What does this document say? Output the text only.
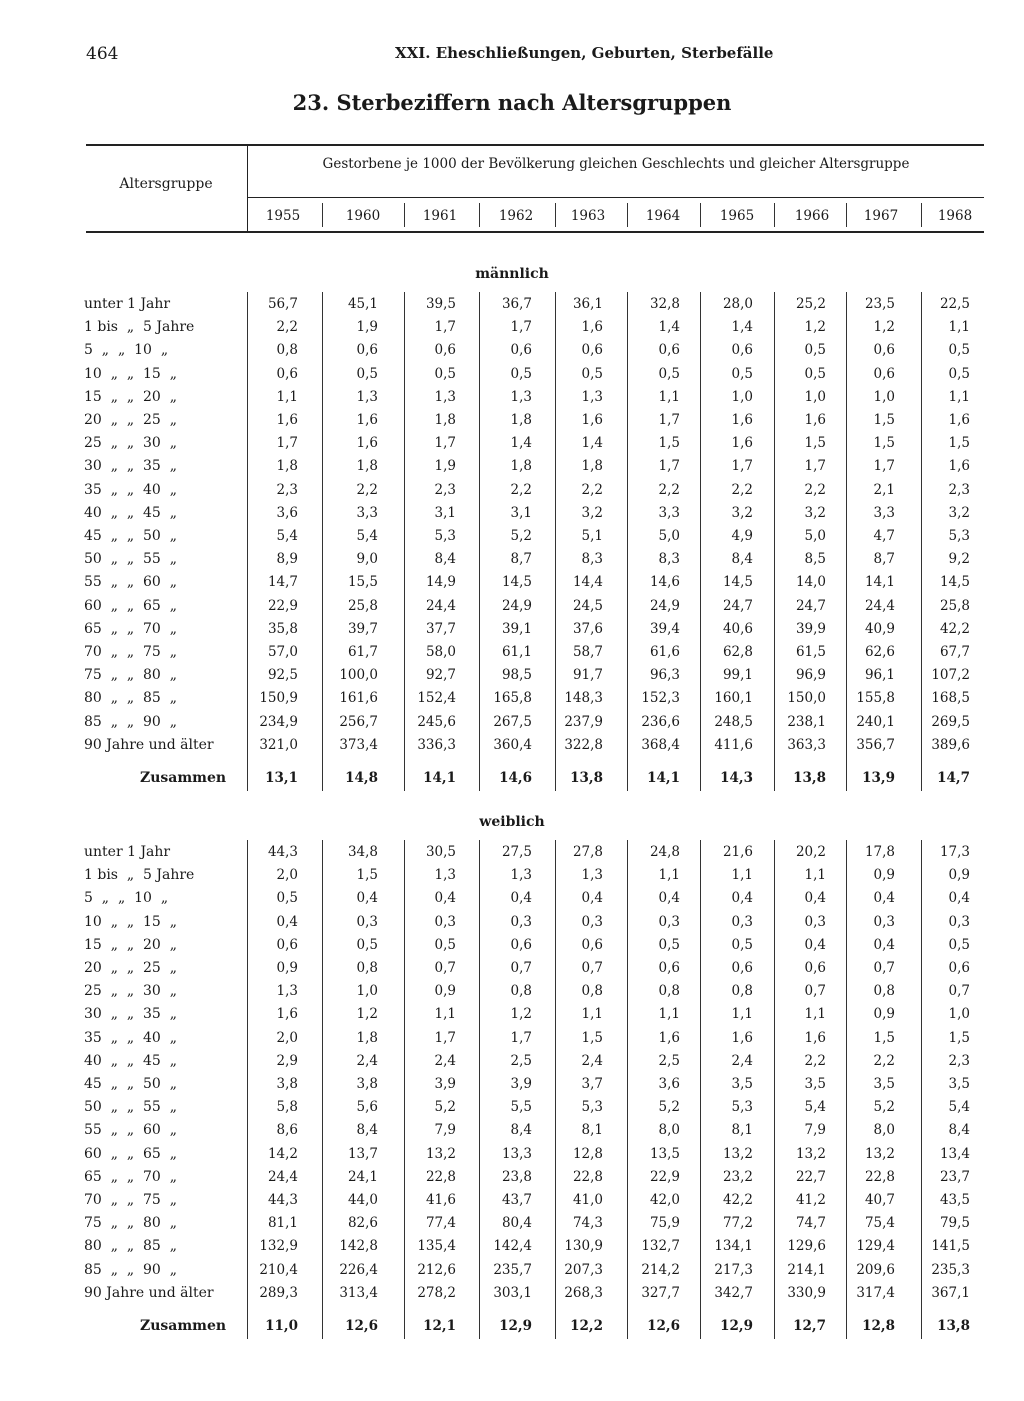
464	XXI. Eheschließungen, Geburten, Sterbefälle
23. Sterbeziffern nach Altersgruppen
Altersgruppe
Gestorbene je 1000 der Bevölkerung gleichen Geschlechts und gleicher Altersgruppe
1955	1960	1961	1962	1963	1964	1965	1966	1967	1968
männlich
unter 1 Jahr	56,7	45,1	39,5	36,7	36,1	32,8	28,0	25,2	23,5	22,5
1 bis  „  5 Jahre	2,2	1,9	1,7	1,7	1,6	1,4	1,4	1,2	1,2	1,1
5  „  „  10  „	0,8	0,6	0,6	0,6	0,6	0,6	0,6	0,5	0,6	0,5
10  „  „  15  „	0,6	0,5	0,5	0,5	0,5	0,5	0,5	0,5	0,6	0,5
15  „  „  20  „	1,1	1,3	1,3	1,3	1,3	1,1	1,0	1,0	1,0	1,1
20  „  „  25  „	1,6	1,6	1,8	1,8	1,6	1,7	1,6	1,6	1,5	1,6
25  „  „  30  „	1,7	1,6	1,7	1,4	1,4	1,5	1,6	1,5	1,5	1,5
30  „  „  35  „	1,8	1,8	1,9	1,8	1,8	1,7	1,7	1,7	1,7	1,6
35  „  „  40  „	2,3	2,2	2,3	2,2	2,2	2,2	2,2	2,2	2,1	2,3
40  „  „  45  „	3,6	3,3	3,1	3,1	3,2	3,3	3,2	3,2	3,3	3,2
45  „  „  50  „	5,4	5,4	5,3	5,2	5,1	5,0	4,9	5,0	4,7	5,3
50  „  „  55  „	8,9	9,0	8,4	8,7	8,3	8,3	8,4	8,5	8,7	9,2
55  „  „  60  „	14,7	15,5	14,9	14,5	14,4	14,6	14,5	14,0	14,1	14,5
60  „  „  65  „	22,9	25,8	24,4	24,9	24,5	24,9	24,7	24,7	24,4	25,8
65  „  „  70  „	35,8	39,7	37,7	39,1	37,6	39,4	40,6	39,9	40,9	42,2
70  „  „  75  „	57,0	61,7	58,0	61,1	58,7	61,6	62,8	61,5	62,6	67,7
75  „  „  80  „	92,5	100,0	92,7	98,5	91,7	96,3	99,1	96,9	96,1	107,2
80  „  „  85  „	150,9	161,6	152,4	165,8	148,3	152,3	160,1	150,0	155,8	168,5
85  „  „  90  „	234,9	256,7	245,6	267,5	237,9	236,6	248,5	238,1	240,1	269,5
90 Jahre und älter	321,0	373,4	336,3	360,4	322,8	368,4	411,6	363,3	356,7	389,6
Zusammen	13,1	14,8	14,1	14,6	13,8	14,1	14,3	13,8	13,9	14,7
weiblich
unter 1 Jahr	44,3	34,8	30,5	27,5	27,8	24,8	21,6	20,2	17,8	17,3
1 bis  „  5 Jahre	2,0	1,5	1,3	1,3	1,3	1,1	1,1	1,1	0,9	0,9
5  „  „  10  „	0,5	0,4	0,4	0,4	0,4	0,4	0,4	0,4	0,4	0,4
10  „  „  15  „	0,4	0,3	0,3	0,3	0,3	0,3	0,3	0,3	0,3	0,3
15  „  „  20  „	0,6	0,5	0,5	0,6	0,6	0,5	0,5	0,4	0,4	0,5
20  „  „  25  „	0,9	0,8	0,7	0,7	0,7	0,6	0,6	0,6	0,7	0,6
25  „  „  30  „	1,3	1,0	0,9	0,8	0,8	0,8	0,8	0,7	0,8	0,7
30  „  „  35  „	1,6	1,2	1,1	1,2	1,1	1,1	1,1	1,1	0,9	1,0
35  „  „  40  „	2,0	1,8	1,7	1,7	1,5	1,6	1,6	1,6	1,5	1,5
40  „  „  45  „	2,9	2,4	2,4	2,5	2,4	2,5	2,4	2,2	2,2	2,3
45  „  „  50  „	3,8	3,8	3,9	3,9	3,7	3,6	3,5	3,5	3,5	3,5
50  „  „  55  „	5,8	5,6	5,2	5,5	5,3	5,2	5,3	5,4	5,2	5,4
55  „  „  60  „	8,6	8,4	7,9	8,4	8,1	8,0	8,1	7,9	8,0	8,4
60  „  „  65  „	14,2	13,7	13,2	13,3	12,8	13,5	13,2	13,2	13,2	13,4
65  „  „  70  „	24,4	24,1	22,8	23,8	22,8	22,9	23,2	22,7	22,8	23,7
70  „  „  75  „	44,3	44,0	41,6	43,7	41,0	42,0	42,2	41,2	40,7	43,5
75  „  „  80  „	81,1	82,6	77,4	80,4	74,3	75,9	77,2	74,7	75,4	79,5
80  „  „  85  „	132,9	142,8	135,4	142,4	130,9	132,7	134,1	129,6	129,4	141,5
85  „  „  90  „	210,4	226,4	212,6	235,7	207,3	214,2	217,3	214,1	209,6	235,3
90 Jahre und älter	289,3	313,4	278,2	303,1	268,3	327,7	342,7	330,9	317,4	367,1
Zusammen	11,0	12,6	12,1	12,9	12,2	12,6	12,9	12,7	12,8	13,8
